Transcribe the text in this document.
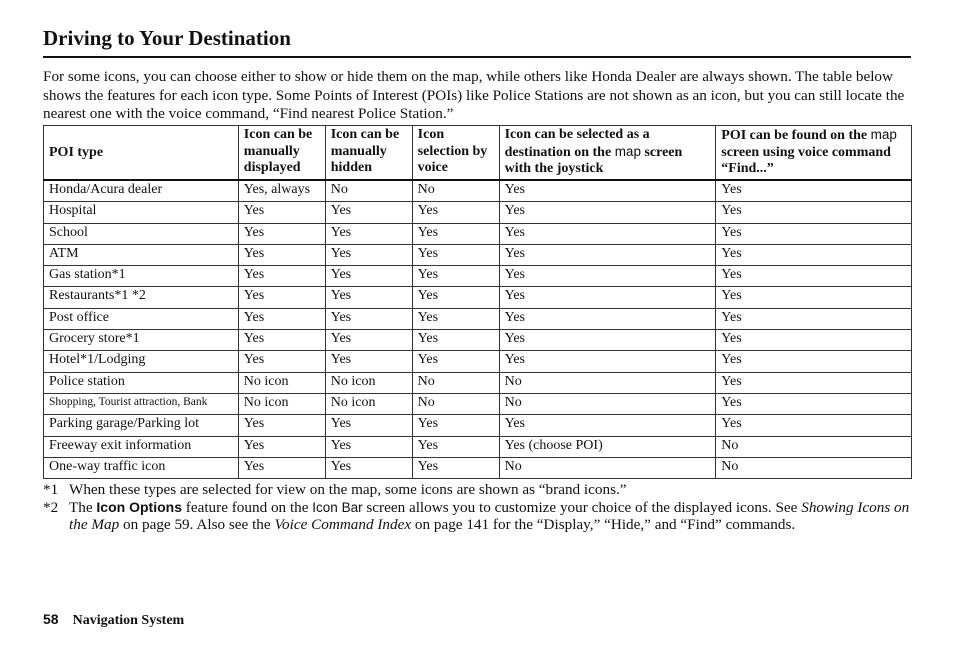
Driving to Your Destination

For some icons, you can choose either to show or hide them on the map, while others like Honda Dealer are always shown. The table below shows the features for each icon type. Some Points of Interest (POIs) like Police Stations are not shown as an icon, but you can still locate the nearest one with the voice command, “Find nearest Police Station.”

POI type	Icon can be manually displayed	Icon can be manually hidden	Icon selection by voice	Icon can be selected as a destination on the map screen with the joystick	POI can be found on the map screen using voice command “Find...”
Honda/Acura dealer	Yes, always	No	No	Yes	Yes
Hospital	Yes	Yes	Yes	Yes	Yes
School	Yes	Yes	Yes	Yes	Yes
ATM	Yes	Yes	Yes	Yes	Yes
Gas station*1	Yes	Yes	Yes	Yes	Yes
Restaurants*1 *2	Yes	Yes	Yes	Yes	Yes
Post office	Yes	Yes	Yes	Yes	Yes
Grocery store*1	Yes	Yes	Yes	Yes	Yes
Hotel*1/Lodging	Yes	Yes	Yes	Yes	Yes
Police station	No icon	No icon	No	No	Yes
Shopping, Tourist attraction, Bank	No icon	No icon	No	No	Yes
Parking garage/Parking lot	Yes	Yes	Yes	Yes	Yes
Freeway exit information	Yes	Yes	Yes	Yes (choose POI)	No
One-way traffic icon	Yes	Yes	Yes	No	No
*1 When these types are selected for view on the map, some icons are shown as “brand icons.”
*2 The Icon Options feature found on the Icon Bar screen allows you to customize your choice of the displayed icons. See Showing Icons on the Map on page 59. Also see the Voice Command Index on page 141 for the “Display,” “Hide,” and “Find” commands.
58 Navigation System
